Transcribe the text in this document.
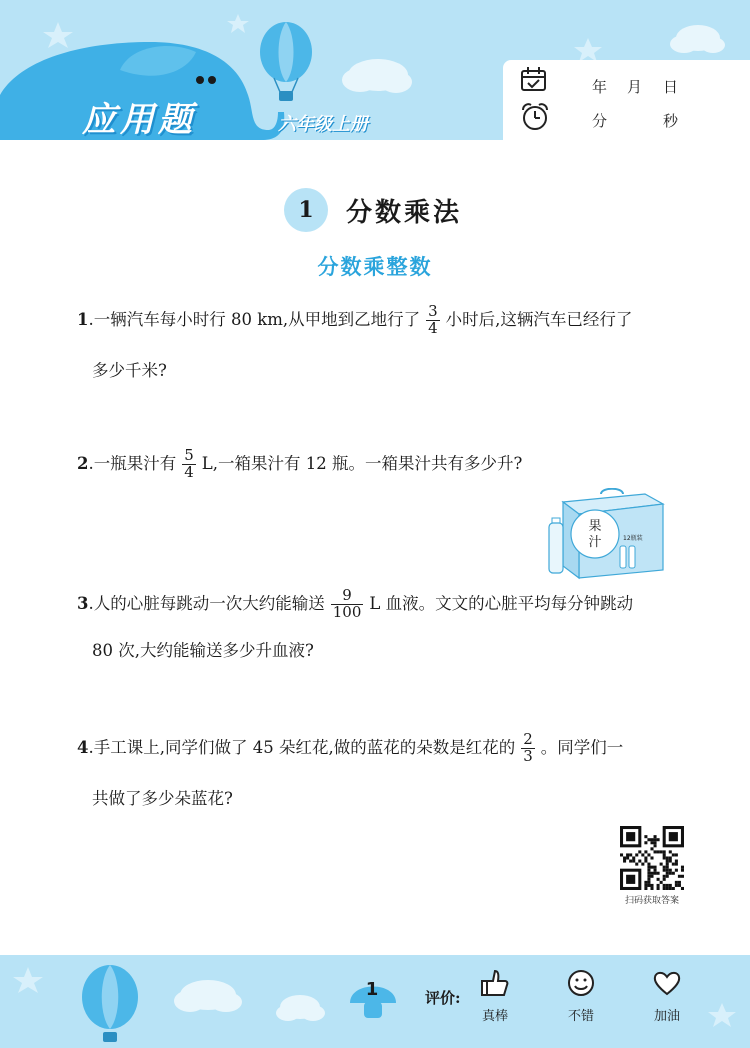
应用题	六年级上册
年 月 日
分	秒
1	分数乘法
分数乘整数
1.一辆汽车每小时行 80 km,从甲地到乙地行了 $\frac{3}{4}$ 小时后,这辆汽车已经行了
多少千米?
2.一瓶果汁有 $\frac{5}{4} L$,一箱果汁有 12 瓶。一箱果汁共有多少升?
果
汁	12瓶装
3.人的心脏每跳动一次大约能输送 $\frac{9}{100}$ L 血液。文文的心脏平均每分钟跳动
80 次,大约能输送多少升血液?
4.手工课上,同学们做了 45 朵红花,做的蓝花的朵数是红花的 $\frac{2}{3}$ 。同学们一
共做了多少朵蓝花?
扫码获取答案
1	评价:
真棒	不错	加油
